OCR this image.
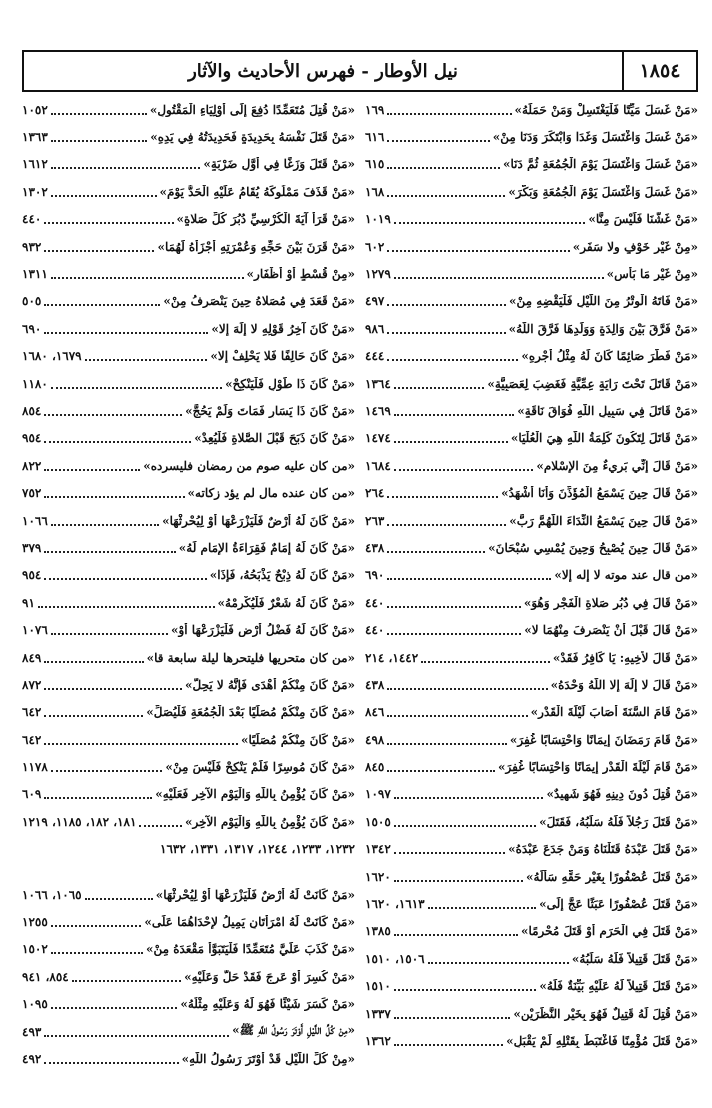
١٨٥٤
نيل الأوطار - فهرس الأحاديث والآثار
«مَنْ غَسَلَ مَيِّتًا فَلْيَغْتَسِلْ وَمَنْ حَمَلَهُ»
١٦٩
«مَنْ غَسَلَ وَاغْتَسَلَ وَغَدَا وَابْتَكَرَ وَدَنَا مِنْ»
٦١٦
«مَنْ غَسَلَ وَاغْتَسَلَ يَوْمَ الْجُمُعَةِ ثُمَّ دَنَا»
٦١٥
«مَنْ غَسَلَ وَاغْتَسَلَ يَوْمَ الْجُمُعَةِ وَبَكَّرَ»
١٦٨
«مَنْ غَشَّنَا فَلَيْسَ مِنَّا»
١٠١٩
«مِنْ غَيْرِ خَوْفٍ ولا سَفَرٍ»
٦٠٢
«مِنْ غَيْرِ مَا بَأْسٍ»
١٢٧٩
«مَنْ فَاتَهُ الْوِتْرُ مِنَ اللَّيْلِ فَلْيَقْضِهِ مِنْ»
٤٩٧
«مَنْ فَرَّقَ بَيْنَ وَالِدَةٍ وَوَلَدِهَا فَرَّقَ اللَّهُ»
٩٨٦
«مَنْ فَطَّرَ صَائِمًا كَانَ لَهُ مِثْلُ أَجْرِهِ»
٤٤٤
«مَنْ قَاتَلَ تَحْتَ رَايَةٍ عِمِّيَّةٍ فَغَضِبَ لِعَصَبِيَّةٍ»
١٣٦٤
«مَنْ قَاتَلَ فِي سَبِيلِ اللَّهِ فُوَاقَ نَاقَةٍ»
١٤٦٩
«مَنْ قَاتَلَ لِتَكُونَ كَلِمَةُ اللَّهِ هِيَ الْعُلْيَا»
١٤٧٤
«مَنْ قَالَ إِنِّي بَرِيءٌ مِنَ الإِسْلامِ»
١٦٨٤
«مَنْ قَالَ حِينَ يَسْمَعُ الْمُؤَذِّنَ وَأَنَا أَشْهَدُ»
٢٦٤
«مَنْ قَالَ حِينَ يَسْمَعُ النِّدَاءَ اللَّهُمَّ رَبَّ»
٢٦٣
«مَنْ قَالَ حِينَ يُصْبِحُ وَحِينَ يُمْسِي سُبْحَانَ»
٤٣٨
«من قال عند موته لا إله إلا»
٦٩٠
«مَنْ قَالَ فِي دُبُرِ صَلاةِ الْفَجْرِ وَهُوَ»
٤٤٠
«مَنْ قَالَ قَبْلَ أَنْ يَنْصَرِفَ مِنْهُمَا لا»
٤٤٠
«مَنْ قَالَ لأَخِيهِ: يَا كَافِرُ فَقَدْ»
١٤٤٢، ٢١٤
«مَنْ قَالَ لا إِلَهَ إِلا اللَّهُ وَحْدَهُ»
٤٣٨
«مَنْ قَامَ السَّنَةَ أَصَابَ لَيْلَةَ الْقَدْرِ»
٨٤٦
«مَنْ قَامَ رَمَضَانَ إِيمَانًا وَاحْتِسَابًا غُفِرَ»
٤٩٨
«مَنْ قَامَ لَيْلَةَ الْقَدْرِ إِيمَانًا وَاحْتِسَابًا غُفِرَ»
٨٤٥
«مَنْ قُتِلَ دُونَ دِينِهِ فَهُوَ شَهِيدٌ»
١٠٩٧
«مَنْ قَتَلَ رَجُلاً فَلَهُ سَلَبُهُ، فَقَتَلَ»
١٥٠٥
«مَنْ قَتَلَ عَبْدَهُ قَتَلْنَاهُ وَمَنْ جَدَعَ عَبْدَهُ»
١٣٤٢
«مَنْ قَتَلَ عُصْفُورًا بِغَيْرِ حَقِّهِ سَأَلَهُ»
١٦٢٠
«مَنْ قَتَلَ عُصْفُورًا عَبَثًا عَجَّ إِلَى»
١٦١٣، ١٦٢٠
«مَنْ قَتَلَ فِي الْحَرَمِ أَوْ قَتَلَ مُحْرِمًا»
١٣٨٥
«مَنْ قَتَلَ قَتِيلاً فَلَهُ سَلَبُهُ»
١٥٠٦، ١٥١٠
«مَنْ قَتَلَ قَتِيلاً لَهُ عَلَيْهِ بَيِّنَةٌ فَلَهُ»
١٥١٠
«مَنْ قُتِلَ لَهُ قَتِيلٌ فَهُوَ بِخَيْرِ النَّظَرَيْنِ»
١٣٣٧
«مَنْ قَتَلَ مُؤْمِنًا فَاغْتَبَطَ بِقَتْلِهِ لَمْ يَقْبَلِ»
١٣٦٢
«مَنْ قُتِلَ مُتَعَمِّدًا دُفِعَ إِلَى أَوْلِيَاءِ الْمَقْتُولِ»
١٠٥٢
«مَنْ قَتَلَ نَفْسَهُ بِحَدِيدَةٍ فَحَدِيدَتُهُ فِي يَدِهِ»
١٣٦٣
«مَنْ قَتَلَ وَزَغًا فِي أَوَّلِ ضَرْبَةٍ»
١٦١٢
«مَنْ قَذَفَ مَمْلُوكَهُ يُقَامُ عَلَيْهِ الْحَدُّ يَوْمَ»
١٣٠٢
«مَنْ قَرَأَ آيَةَ الْكُرْسِيِّ دُبُرَ كُلِّ صَلاةٍ»
٤٤٠
«مَنْ قَرَنَ بَيْنَ حَجِّهِ وَعُمْرَتِهِ أَجْزَأَهُ لَهُمَا»
٩٣٢
«مِنْ قُسْطٍ أَوْ أَظْفَارٍ»
١٣١١
«مَنْ قَعَدَ فِي مُصَلاهُ حِينَ يَنْصَرِفُ مِنْ»
٥٠٥
«مَنْ كَانَ آخِرُ قَوْلِهِ لا إِلَهَ إِلا»
٦٩٠
«مَنْ كَانَ حَالِفًا فَلا يَحْلِفْ إِلا»
١٦٧٩، ١٦٨٠
«مَنْ كَانَ ذَا طَوْلٍ فَلْيَنْكِحْ»
١١٨٠
«مَنْ كَانَ ذَا يَسَارٍ فَمَاتَ وَلَمْ يَحُجَّ»
٨٥٤
«مَنْ كَانَ ذَبَحَ قَبْلَ الصَّلاةِ فَلْيُعِدْ»
٩٥٤
«من كان عليه صوم من رمضان فليسرده»
٨٢٢
«من كان عنده مال لم يؤد زكاته»
٧٥٢
«مَنْ كَانَ لَهُ أَرْضٌ فَلْيَزْرَعْهَا أَوْ لِيُحْرِثْهَا»
١٠٦٦
«مَنْ كَانَ لَهُ إِمَامٌ فَقِرَاءَةُ الإِمَامِ لَهُ»
٣٧٩
«مَنْ كَانَ لَهُ ذِبْحٌ يَذْبَحُهُ، فَإِذَا»
٩٥٤
«مَنْ كَانَ لَهُ شَعْرٌ فَلْيُكْرِمْهُ»
٩١
«مَنْ كَانَ لَهُ فَضْلُ أَرْضٍ فَلْيَزْرَعْهَا أَوْ»
١٠٧٦
«من كان متحريها فليتحرها ليلة سابعة قا»
٨٤٩
«مَنْ كَانَ مِنْكُمْ أَهْدَى فَإِنَّهُ لا يَحِلُّ»
٨٧٢
«مَنْ كَانَ مِنْكُمْ مُصَلِّيًا بَعْدَ الْجُمُعَةِ فَلْيُصَلِّ»
٦٤٢
«مَنْ كَانَ مِنْكُمْ مُصَلِّيًا»
٦٤٢
«مَنْ كَانَ مُوسِرًا فَلَمْ يَنْكِحْ فَلَيْسَ مِنْ»
١١٧٨
«مَنْ كَانَ يُؤْمِنُ بِاللَّهِ وَالْيَوْمِ الآخِرِ فَعَلَيْهِ»
٦٠٩
«مَنْ كَانَ يُؤْمِنُ بِاللَّهِ وَالْيَوْمِ الآخِرِ»
١٨١، ١٨٢، ١١٨٥، ١٢١٩
١٢٣٢، ١٢٣٣، ١٢٤٤، ١٣١٧، ١٣٣١، ١٦٣٢
«مَنْ كَانَتْ لَهُ أَرْضٌ فَلْيَزْرَعْهَا أَوْ لِيُحْرِثْهَا»
١٠٦٥، ١٠٦٦
«مَنْ كَانَتْ لَهُ امْرَأَتَانِ يَمِيلُ لإِحْدَاهُمَا عَلَى»
١٢٥٥
«مَنْ كَذَبَ عَلَيَّ مُتَعَمِّدًا فَلْيَتَبَوَّأْ مَقْعَدَهُ مِنْ»
١٥٠٢
«مَنْ كُسِرَ أَوْ عَرِجَ فَقَدْ حَلَّ وَعَلَيْهِ»
٨٥٤، ٩٤١
«مَنْ كَسَرَ شَيْئًا فَهُوَ لَهُ وَعَلَيْهِ مِثْلُهُ»
١٠٩٥
«مِنْ كُلِّ اللَّيْلِ أَوْتَرَ رَسُولُ اللَّهِ ﷺ»
٤٩٣
«مِنْ كُلِّ اللَّيْلِ قَدْ أَوْتَرَ رَسُولُ اللَّهِ»
٤٩٢
